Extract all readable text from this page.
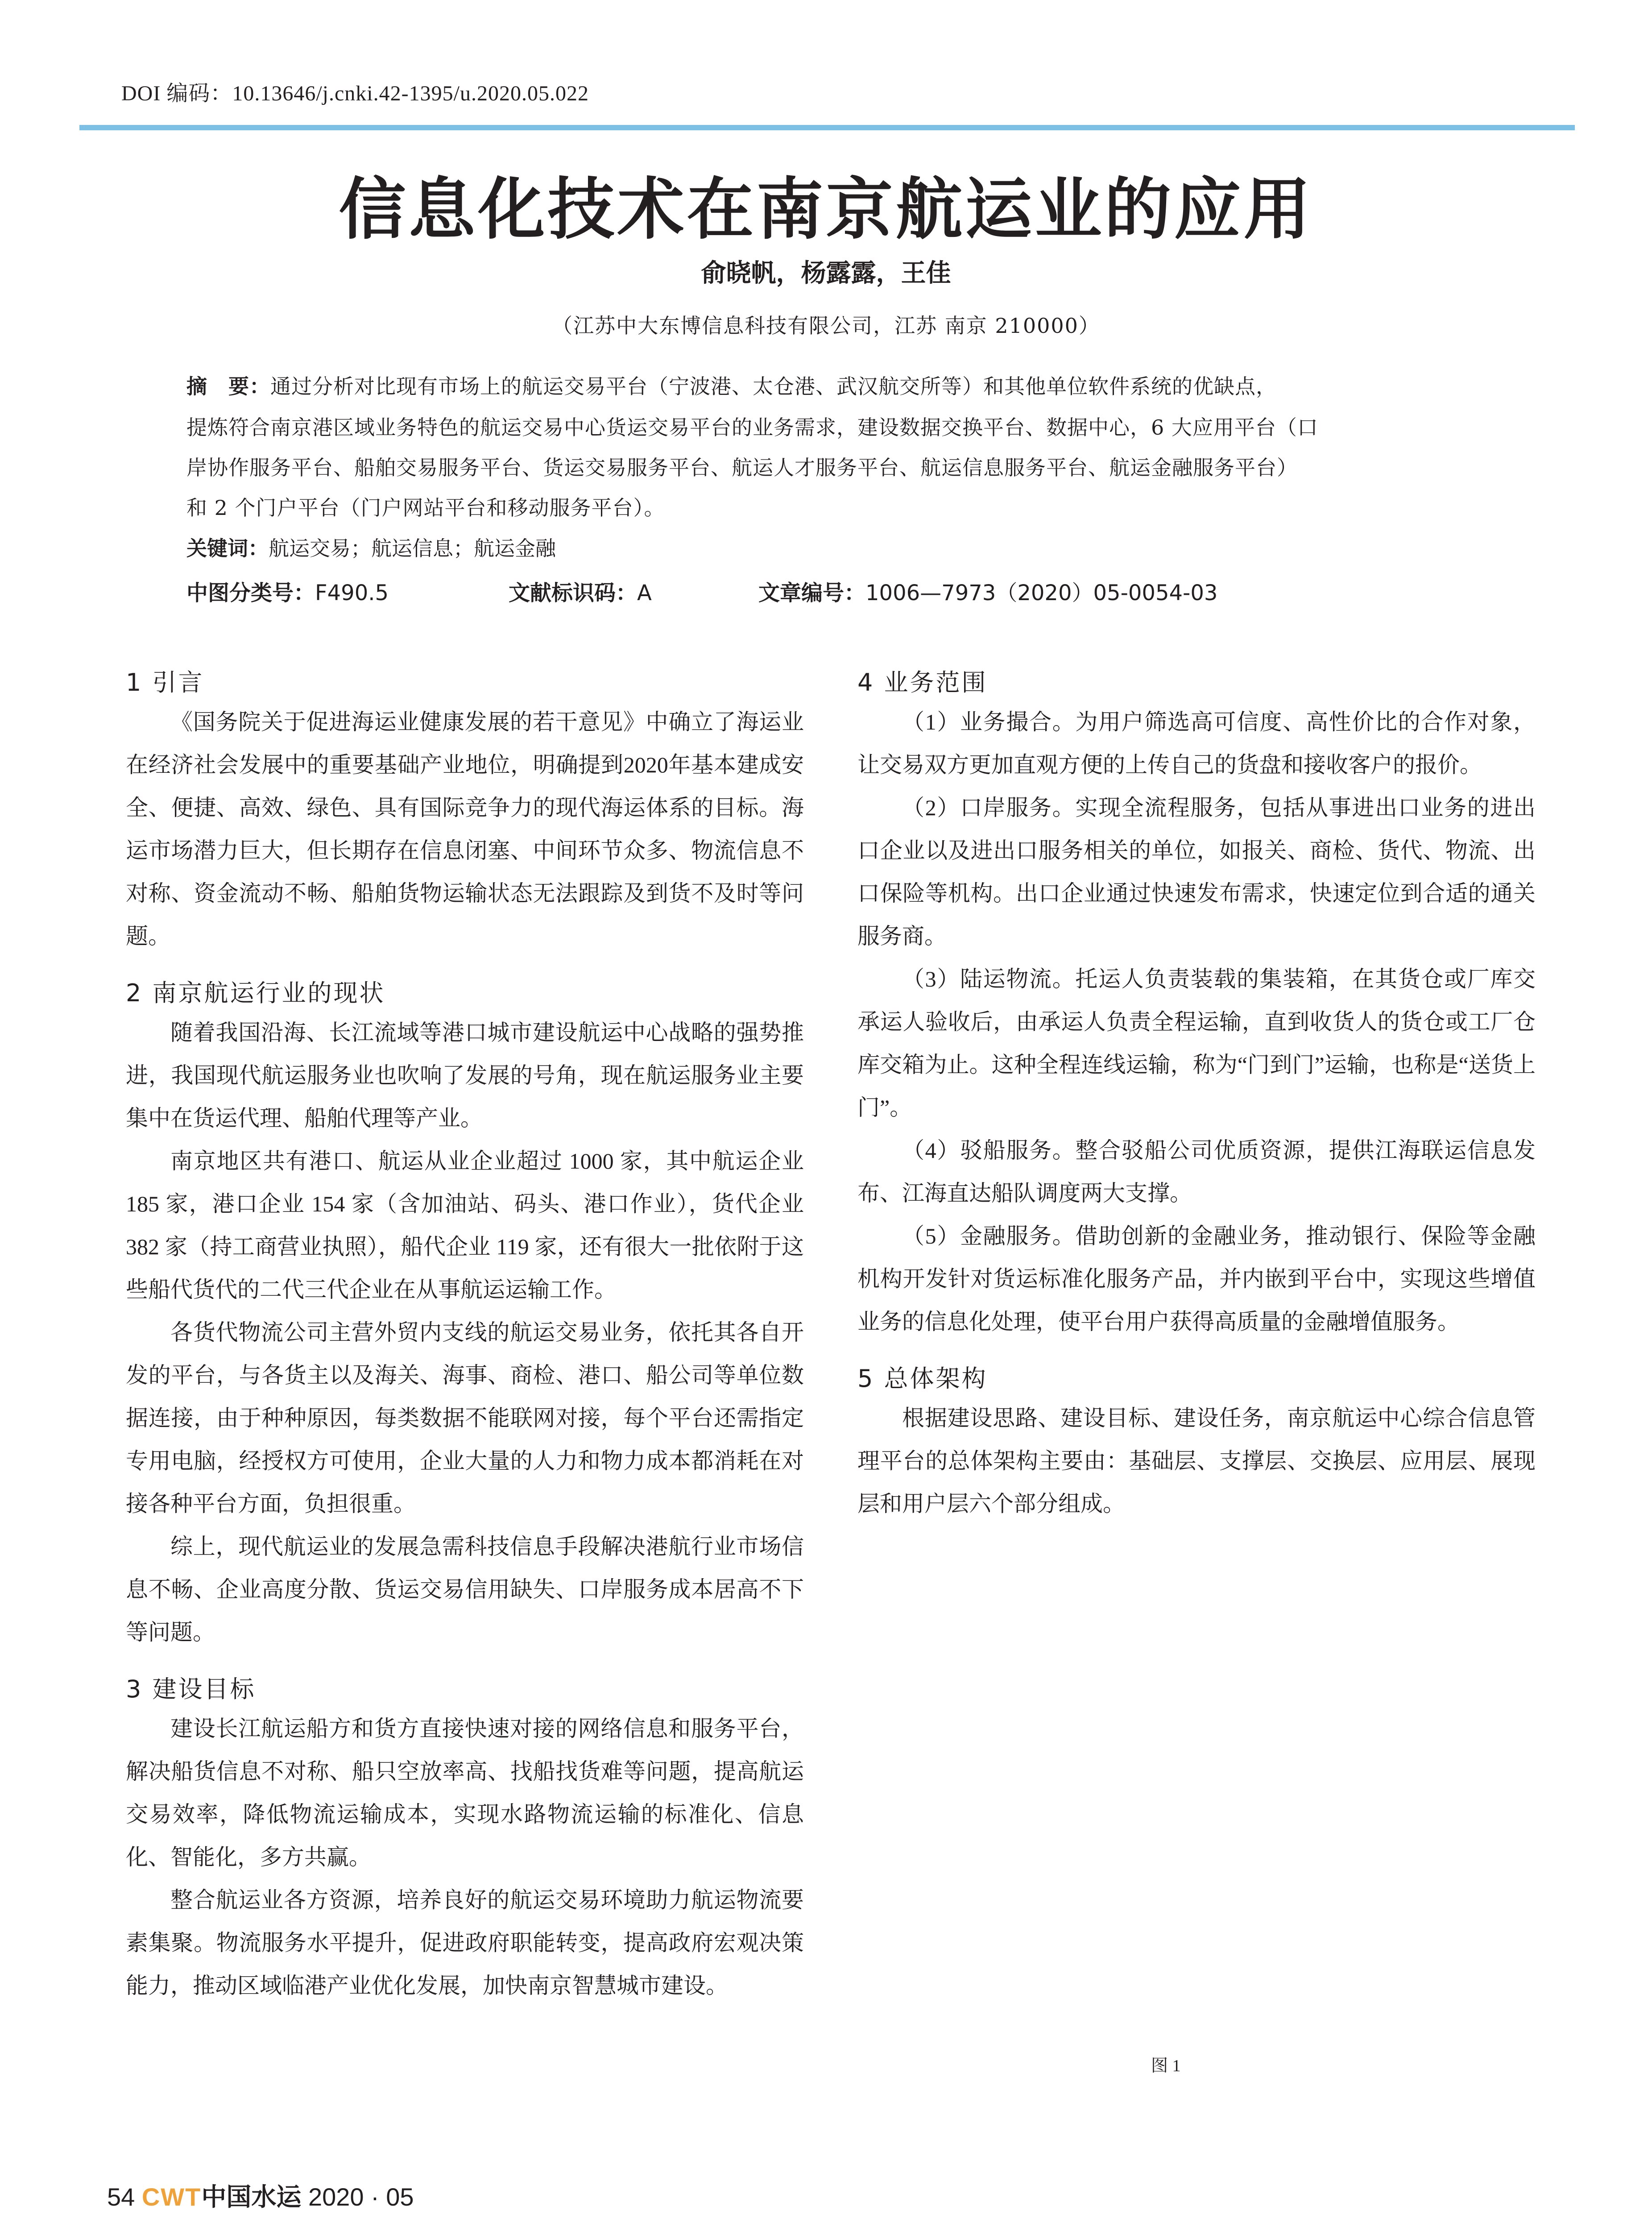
DOI 编码：10.13646/j.cnki.42-1395/u.2020.05.022
信息化技术在南京航运业的应用
俞晓帆，杨露露，王佳
（江苏中大东博信息科技有限公司，江苏 南京 210000）
摘　要：通过分析对比现有市场上的航运交易平台（宁波港、太仓港、武汉航交所等）和其他单位软件系统的优缺点，
提炼符合南京港区域业务特色的航运交易中心货运交易平台的业务需求，建设数据交换平台、数据中心，6 大应用平台（口
岸协作服务平台、船舶交易服务平台、货运交易服务平台、航运人才服务平台、航运信息服务平台、航运金融服务平台）
和 2 个门户平台（门户网站平台和移动服务平台）。
关键词：航运交易；航运信息；航运金融
中图分类号：F490.5	文献标识码：A	文章编号：1006—7973（2020）05-0054-03
1 引言

《国务院关于促进海运业健康发展的若干意见》中确立了海运业在经济社会发展中的重要基础产业地位，明确提到2020年基本建成安全、便捷、高效、绿色、具有国际竞争力的现代海运体系的目标。海运市场潜力巨大，但长期存在信息闭塞、中间环节众多、物流信息不对称、资金流动不畅、船舶货物运输状态无法跟踪及到货不及时等问题。

2 南京航运行业的现状

随着我国沿海、长江流域等港口城市建设航运中心战略的强势推进，我国现代航运服务业也吹响了发展的号角，现在航运服务业主要集中在货运代理、船舶代理等产业。

南京地区共有港口、航运从业企业超过 1000 家，其中航运企业 185 家，港口企业 154 家（含加油站、码头、港口作业），货代企业 382 家（持工商营业执照），船代企业 119 家，还有很大一批依附于这些船代货代的二代三代企业在从事航运运输工作。

各货代物流公司主营外贸内支线的航运交易业务，依托其各自开发的平台，与各货主以及海关、海事、商检、港口、船公司等单位数据连接，由于种种原因，每类数据不能联网对接，每个平台还需指定专用电脑，经授权方可使用，企业大量的人力和物力成本都消耗在对接各种平台方面，负担很重。

综上，现代航运业的发展急需科技信息手段解决港航行业市场信息不畅、企业高度分散、货运交易信用缺失、口岸服务成本居高不下等问题。

3 建设目标

建设长江航运船方和货方直接快速对接的网络信息和服务平台，解决船货信息不对称、船只空放率高、找船找货难等问题，提高航运交易效率，降低物流运输成本，实现水路物流运输的标准化、信息化、智能化，多方共赢。

整合航运业各方资源，培养良好的航运交易环境助力航运物流要素集聚。物流服务水平提升，促进政府职能转变，提高政府宏观决策能力，推动区域临港产业优化发展，加快南京智慧城市建设。

4 业务范围

（1）业务撮合。为用户筛选高可信度、高性价比的合作对象，让交易双方更加直观方便的上传自己的货盘和接收客户的报价。

（2）口岸服务。实现全流程服务，包括从事进出口业务的进出口企业以及进出口服务相关的单位，如报关、商检、货代、物流、出口保险等机构。出口企业通过快速发布需求，快速定位到合适的通关服务商。

（3）陆运物流。托运人负责装载的集装箱，在其货仓或厂库交承运人验收后，由承运人负责全程运输，直到收货人的货仓或工厂仓库交箱为止。这种全程连线运输，称为“门到门”运输，也称是“送货上门”。

（4）驳船服务。整合驳船公司优质资源，提供江海联运信息发布、江海直达船队调度两大支撑。

（5）金融服务。借助创新的金融业务，推动银行、保险等金融机构开发针对货运标准化服务产品，并内嵌到平台中，实现这些增值业务的信息化处理，使平台用户获得高质量的金融增值服务。

5 总体架构

根据建设思路、建设目标、建设任务，南京航运中心综合信息管理平台的总体架构主要由：基础层、支撑层、交换层、应用层、展现层和用户层六个部分组成。

图 1
54 CWT中国水运 2020 · 05
